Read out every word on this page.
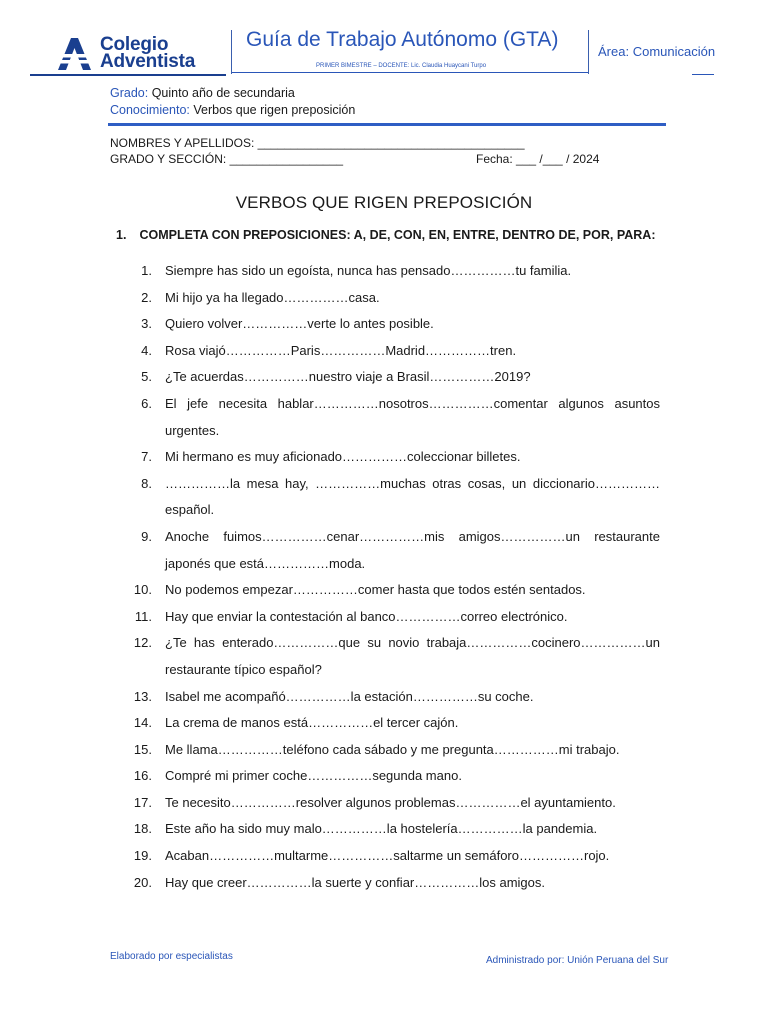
Colegio
Adventista
Guía de Trabajo Autónomo (GTA)
PRIMER BIMESTRE – DOCENTE: Lic. Claudia Huaycani Turpo
Área: Comunicación
Grado: Quinto año de secundaria
Conocimiento: Verbos que rigen preposición
NOMBRES Y APELLIDOS: ________________________________________
GRADO Y SECCIÓN: _________________	Fecha: ___ /___ / 2024
VERBOS QUE RIGEN PREPOSICIÓN
1. COMPLETA CON PREPOSICIONES: A, DE, CON, EN, ENTRE, DENTRO DE, POR, PARA:
1. Siempre has sido un egoísta, nunca has pensado……………tu familia.
2. Mi hijo ya ha llegado……………casa.
3. Quiero volver……………verte lo antes posible.
4. Rosa viajó……………Paris……………Madrid……………tren.
5. ¿Te acuerdas……………nuestro viaje a Brasil……………2019?
6. El jefe necesita hablar……………nosotros……………comentar algunos asuntos urgentes.
7. Mi hermano es muy aficionado……………coleccionar billetes.
8. ……………la mesa hay, ……………muchas otras cosas, un diccionario……………español.
9. Anoche fuimos……………cenar……………mis amigos……………un restaurante japonés que está……………moda.
10. No podemos empezar……………comer hasta que todos estén sentados.
11. Hay que enviar la contestación al banco……………correo electrónico.
12. ¿Te has enterado……………que su novio trabaja……………cocinero……………un restaurante típico español?
13. Isabel me acompañó……………la estación……………su coche.
14. La crema de manos está……………el tercer cajón.
15. Me llama……………teléfono cada sábado y me pregunta……………mi trabajo.
16. Compré mi primer coche……………segunda mano.
17. Te necesito……………resolver algunos problemas……………el ayuntamiento.
18. Este año ha sido muy malo……………la hostelería……………la pandemia.
19. Acaban……………multarme……………saltarme un semáforo……………rojo.
20. Hay que creer……………la suerte y confiar……………los amigos.
Elaborado por especialistas	Administrado por: Unión Peruana del Sur
